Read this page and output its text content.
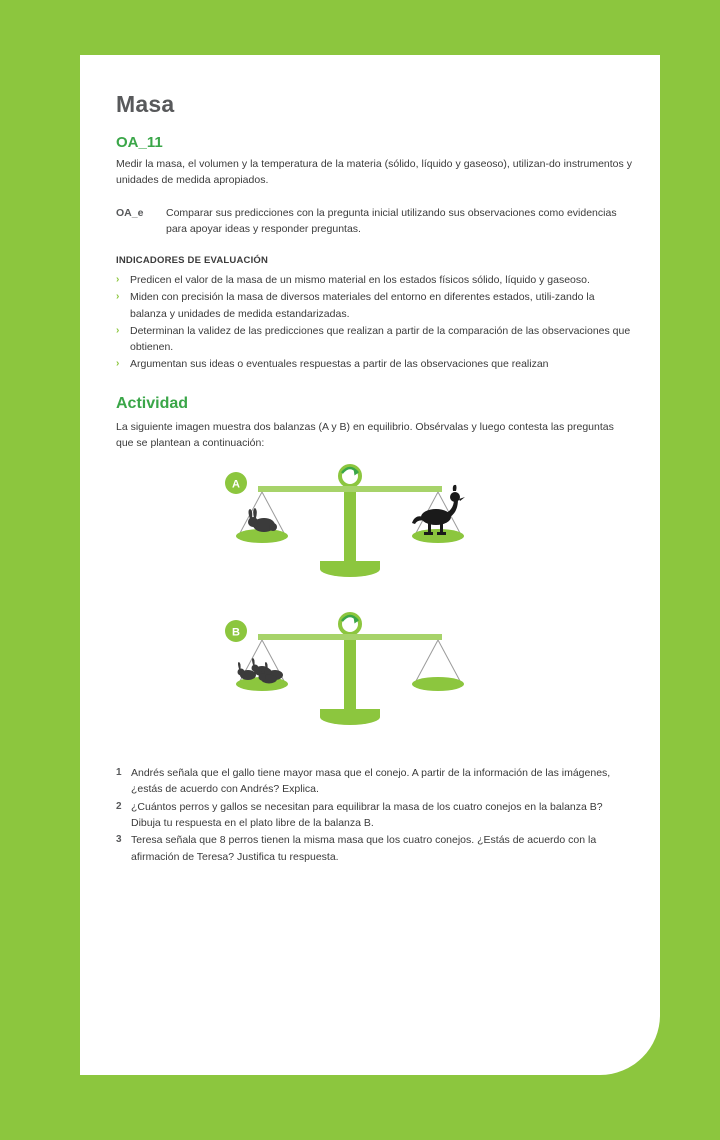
Masa
OA_11

Medir la masa, el volumen y la temperatura de la materia (sólido, líquido y gaseoso), utilizan-do instrumentos y unidades de medida apropiados.

OA_e	Comparar sus predicciones con la pregunta inicial utilizando sus observaciones como evidencias para apoyar ideas y responder preguntas.
INDICADORES DE EVALUACIÓN
› Predicen el valor de la masa de un mismo material en los estados físicos sólido, líquido y gaseoso.
› Miden con precisión la masa de diversos materiales del entorno en diferentes estados, utili-zando la balanza y unidades de medida estandarizadas.
› Determinan la validez de las predicciones que realizan a partir de la comparación de las observaciones que obtienen.
› Argumentan sus ideas o eventuales respuestas a partir de las observaciones que realizan
Actividad

La siguiente imagen muestra dos balanzas (A y B) en equilibrio. Obsérvalas y luego contesta las preguntas que se plantean a continuación:

A
B
1 Andrés señala que el gallo tiene mayor masa que el conejo. A partir de la información de las imágenes, ¿estás de acuerdo con Andrés? Explica.
2 ¿Cuántos perros y gallos se necesitan para equilibrar la masa de los cuatro conejos en la balanza B? Dibuja tu respuesta en el plato libre de la balanza B.
3 Teresa señala que 8 perros tienen la misma masa que los cuatro conejos. ¿Estás de acuerdo con la afirmación de Teresa? Justifica tu respuesta.
